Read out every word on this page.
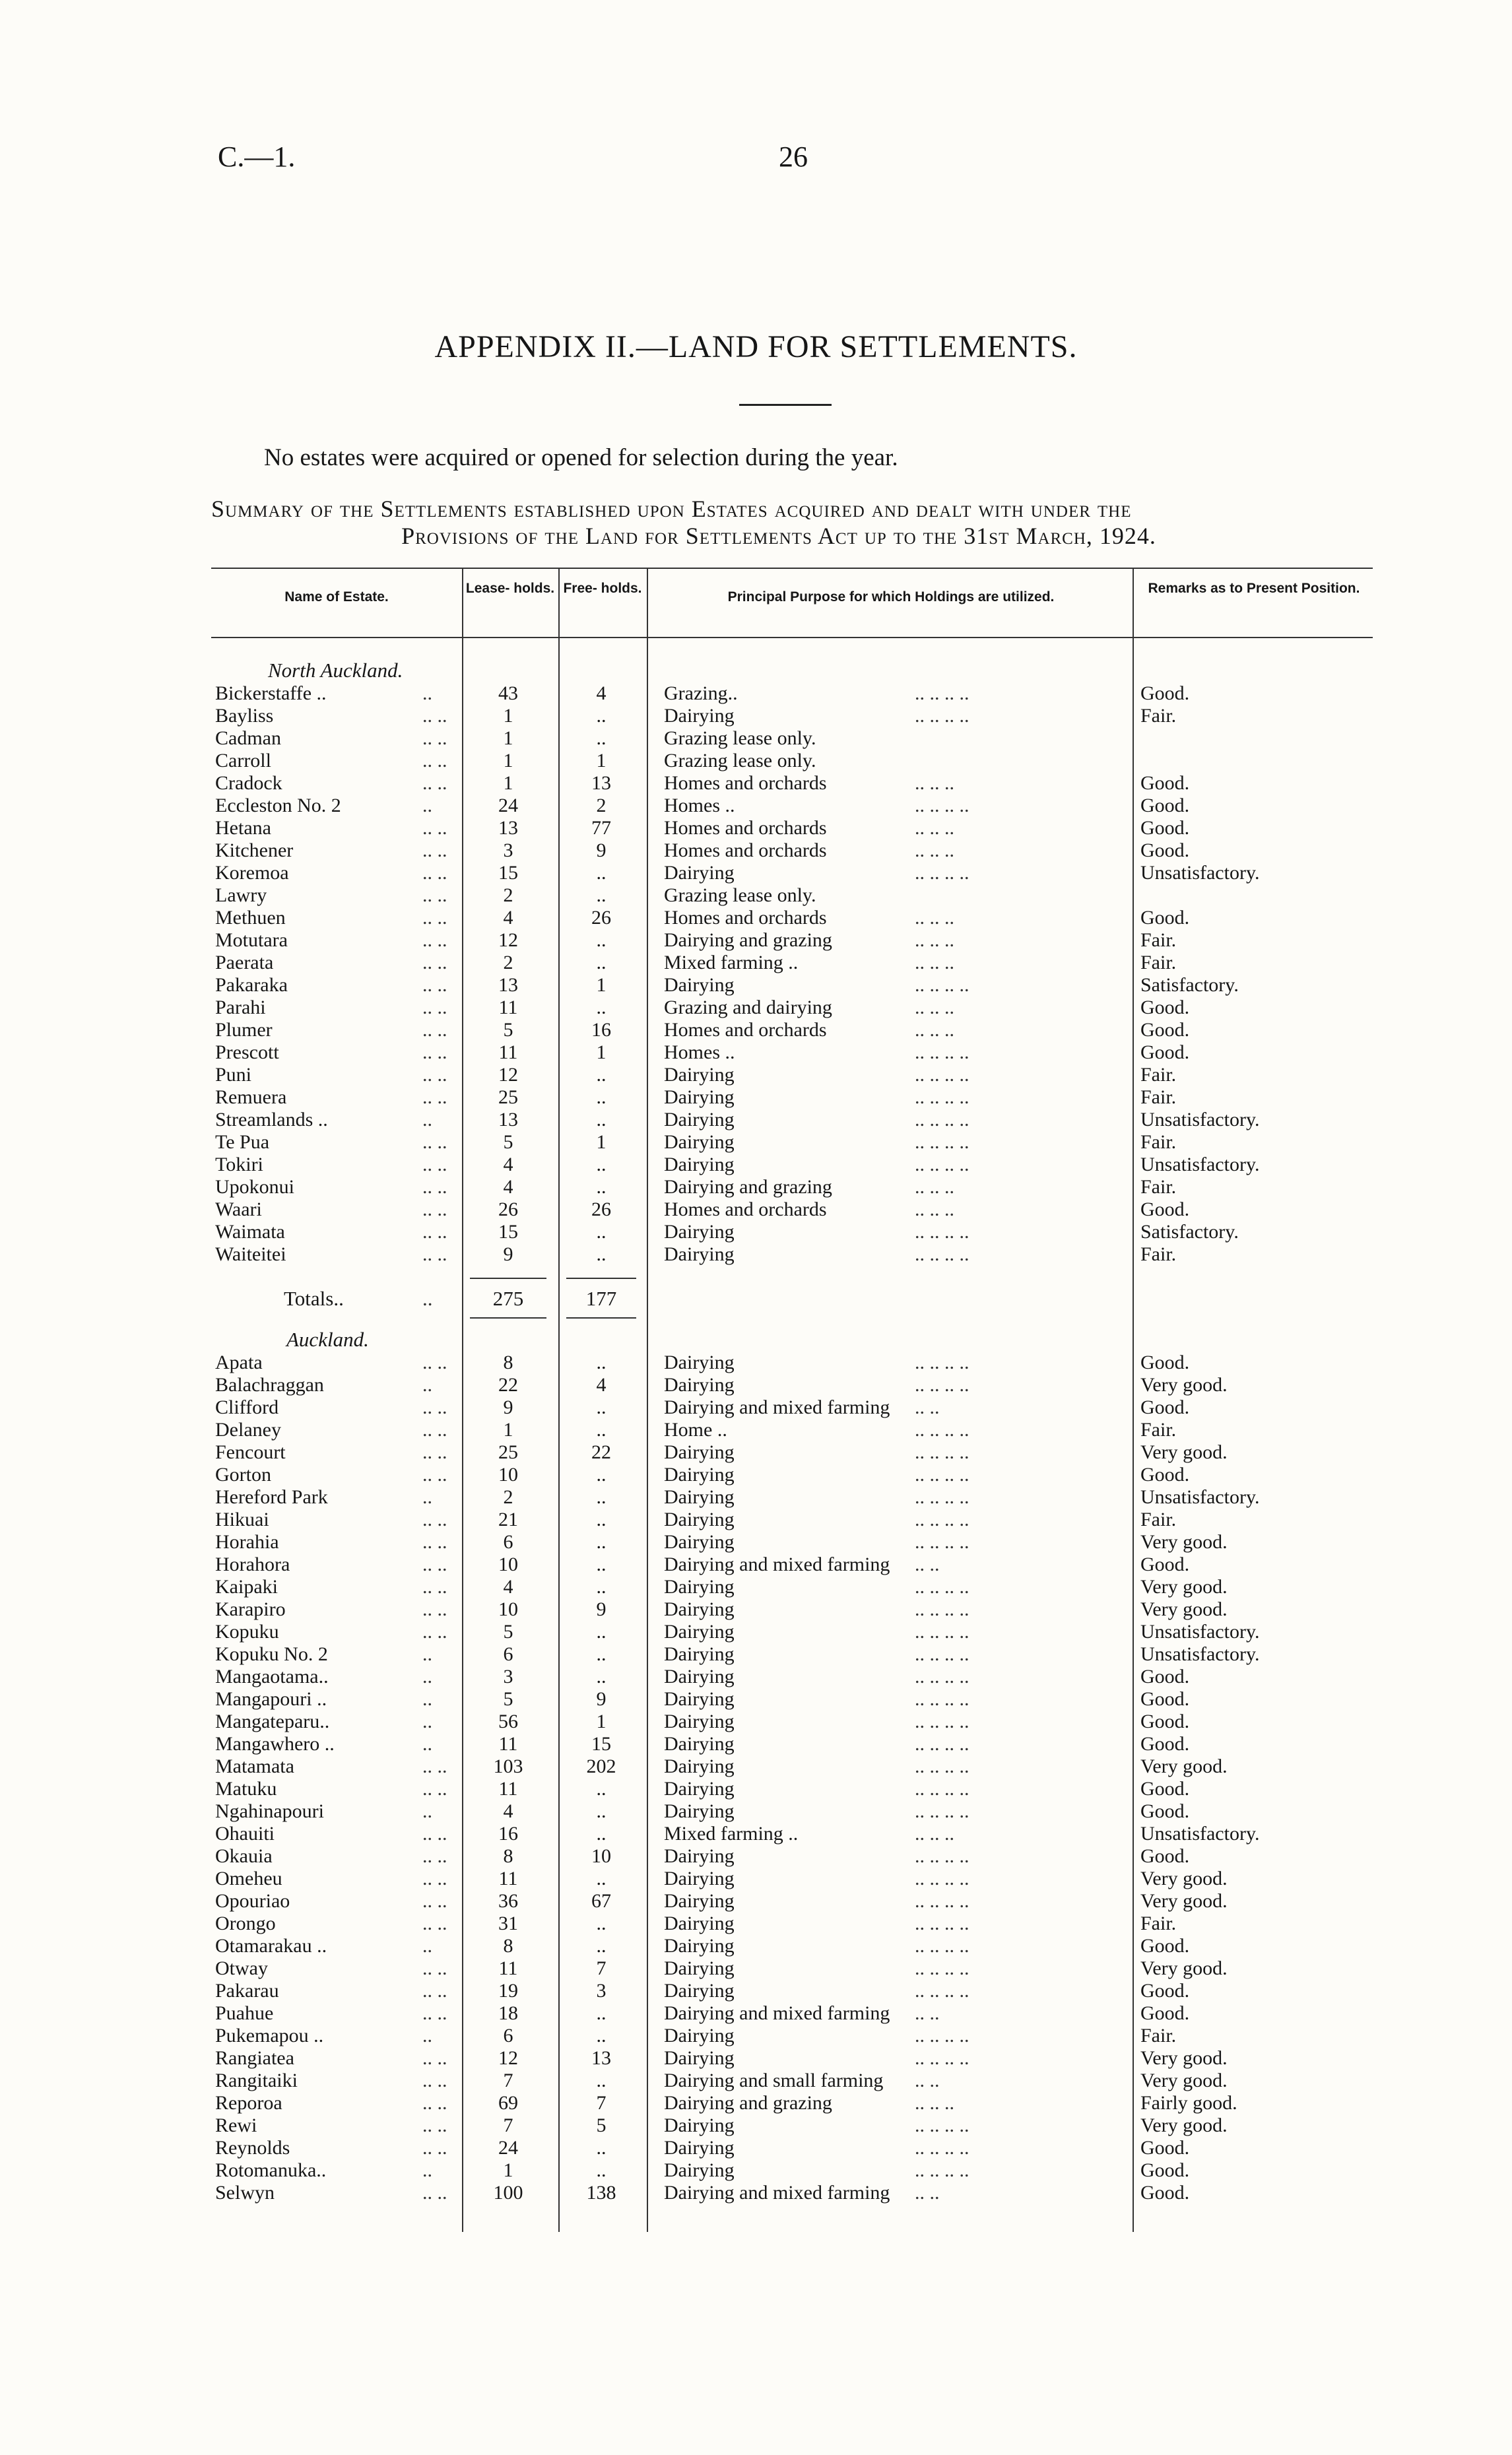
C.—1.	26
APPENDIX II.—LAND FOR SETTLEMENTS.
No estates were acquired or opened for selection during the year.
Summary of the Settlements established upon Estates acquired and dealt with under the
Provisions of the Land for Settlements Act up to the 31st March, 1924.
Name of Estate.
Lease- holds. Free- holds.
Principal Purpose for which Holdings are utilized.
Remarks as to Present Position.
North Auckland.
Bickerstaffe ..	..	43	4	Grazing..	.. .. .. ..	Good.
Bayliss	.. ..	1	..	Dairying	.. .. .. ..	Fair.
Cadman	.. ..	1	..	Grazing lease only.
Carroll	.. ..	1	1	Grazing lease only.
Cradock	.. ..	1	13	Homes and orchards	.. .. ..	Good.
Eccleston No. 2	..	24	2	Homes ..	.. .. .. ..	Good.
Hetana	.. ..	13	77	Homes and orchards	.. .. ..	Good.
Kitchener	.. ..	3	9	Homes and orchards	.. .. ..	Good.
Koremoa	.. ..	15	..	Dairying	.. .. .. ..	Unsatisfactory.
Lawry	.. ..	2	..	Grazing lease only.
Methuen	.. ..	4	26	Homes and orchards	.. .. ..	Good.
Motutara	.. ..	12	..	Dairying and grazing	.. .. ..	Fair.
Paerata	.. ..	2	..	Mixed farming ..	.. .. ..	Fair.
Pakaraka	.. ..	13	1	Dairying	.. .. .. ..	Satisfactory.
Parahi	.. ..	11	..	Grazing and dairying	.. .. ..	Good.
Plumer	.. ..	5	16	Homes and orchards	.. .. ..	Good.
Prescott	.. ..	11	1	Homes ..	.. .. .. ..	Good.
Puni	.. ..	12	..	Dairying	.. .. .. ..	Fair.
Remuera	.. ..	25	..	Dairying	.. .. .. ..	Fair.
Streamlands ..	..	13	..	Dairying	.. .. .. ..	Unsatisfactory.
Te Pua	.. ..	5	1	Dairying	.. .. .. ..	Fair.
Tokiri	.. ..	4	..	Dairying	.. .. .. ..	Unsatisfactory.
Upokonui	.. ..	4	..	Dairying and grazing	.. .. ..	Fair.
Waari	.. ..	26	26	Homes and orchards	.. .. ..	Good.
Waimata	.. ..	15	..	Dairying	.. .. .. ..	Satisfactory.
Waiteitei	.. ..	9	..	Dairying	.. .. .. ..	Fair.
Totals..	..	275	177
Auckland.
Apata	.. ..	8	..	Dairying	.. .. .. ..	Good.
Balachraggan	..	22	4	Dairying	.. .. .. ..	Very good.
Clifford	.. ..	9	..	Dairying and mixed farming .. ..	Good.
Delaney	.. ..	1	..	Home ..	.. .. .. ..	Fair.
Fencourt	.. ..	25	22	Dairying	.. .. .. ..	Very good.
Gorton	.. ..	10	..	Dairying	.. .. .. ..	Good.
Hereford Park	..	2	..	Dairying	.. .. .. ..	Unsatisfactory.
Hikuai	.. ..	21	..	Dairying	.. .. .. ..	Fair.
Horahia	.. ..	6	..	Dairying	.. .. .. ..	Very good.
Horahora	.. ..	10	..	Dairying and mixed farming .. ..	Good.
Kaipaki	.. ..	4	..	Dairying	.. .. .. ..	Very good.
Karapiro	.. ..	10	9	Dairying	.. .. .. ..	Very good.
Kopuku	.. ..	5	..	Dairying	.. .. .. ..	Unsatisfactory.
Kopuku No. 2	..	6	..	Dairying	.. .. .. ..	Unsatisfactory.
Mangaotama..	..	3	..	Dairying	.. .. .. ..	Good.
Mangapouri ..	..	5	9	Dairying	.. .. .. ..	Good.
Mangateparu..	..	56	1	Dairying	.. .. .. ..	Good.
Mangawhero ..	..	11	15	Dairying	.. .. .. ..	Good.
Matamata	.. ..	103	202	Dairying	.. .. .. ..	Very good.
Matuku	.. ..	11	..	Dairying	.. .. .. ..	Good.
Ngahinapouri	..	4	..	Dairying	.. .. .. ..	Good.
Ohauiti	.. ..	16	..	Mixed farming ..	.. .. ..	Unsatisfactory.
Okauia	.. ..	8	10	Dairying	.. .. .. ..	Good.
Omeheu	.. ..	11	..	Dairying	.. .. .. ..	Very good.
Opouriao	.. ..	36	67	Dairying	.. .. .. ..	Very good.
Orongo	.. ..	31	..	Dairying	.. .. .. ..	Fair.
Otamarakau ..	..	8	..	Dairying	.. .. .. ..	Good.
Otway	.. ..	11	7	Dairying	.. .. .. ..	Very good.
Pakarau	.. ..	19	3	Dairying	.. .. .. ..	Good.
Puahue	.. ..	18	..	Dairying and mixed farming .. ..	Good.
Pukemapou ..	..	6	..	Dairying	.. .. .. ..	Fair.
Rangiatea	.. ..	12	13	Dairying	.. .. .. ..	Very good.
Rangitaiki	.. ..	7	..	Dairying and small farming .. ..	Very good.
Reporoa	.. ..	69	7	Dairying and grazing	.. .. ..	Fairly good.
Rewi	.. ..	7	5	Dairying	.. .. .. ..	Very good.
Reynolds	.. ..	24	..	Dairying	.. .. .. ..	Good.
Rotomanuka..	..	1	..	Dairying	.. .. .. ..	Good.
Selwyn	.. ..	100	138	Dairying and mixed farming .. ..	Good.
